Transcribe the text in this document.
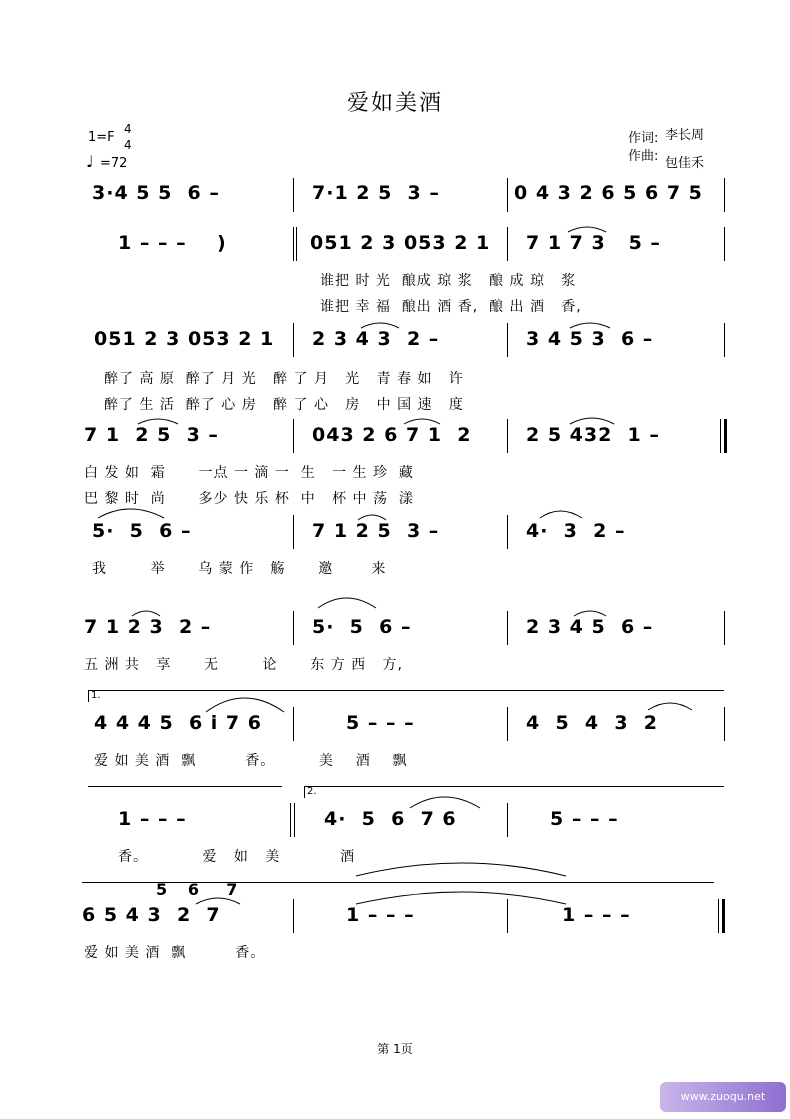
爱如美酒
1=F
4
4
♩ =72
作词: 李长周
作曲: 包佳禾
3·4 5 5  6 –	7·1 2 5  3 –	0 4 3 2 6 5 6 7 5
1 – – –    )	051 2 3 053 2 1 7 1 7 3   5 –
谁把 时 光  酿成 琼 浆   酿 成 琼   浆
谁把 幸 福  酿出 酒 香,  酿 出 酒   香,
051 2 3 053 2 1 2 3 4 3  2 –	3 4 5 3  6 –
醉了 高 原  醉了 月 光   醉 了 月   光   青 春 如   许
醉了 生 活  醉了 心 房   醉 了 心   房   中 国 速   度
7 1  2 5  3 –	043 2 6 7 1  2	2 5 432  1 –
白 发 如  霜      一点 一 滴 一  生   一 生 珍  藏
巴 黎 时  尚      多少 快 乐 杯  中   杯 中 荡  漾
5·  5  6 –	7 1 2 5  3 –	4·  3  2 –
我        举      乌 蒙 作   觞      邀       来
7 1 2 3  2 –	5·  5  6 –	2 3 4 5  6 –
五 洲 共   享      无        论      东 方 西   方,
1.
4 4 4 5  6 i 7 6	5 – – –	4  5  4  3  2
爱 如 美 酒  飘         香。        美    酒    飘
2.
1 – – –	4·  5  6  7 6	5 – – –
香。          爱   如   美           酒
5   6    7
6 5 4 3  2  7	1 – – –	1 – – –
爱 如 美 酒  飘         香。
第 1页
www.zuoqu.net
